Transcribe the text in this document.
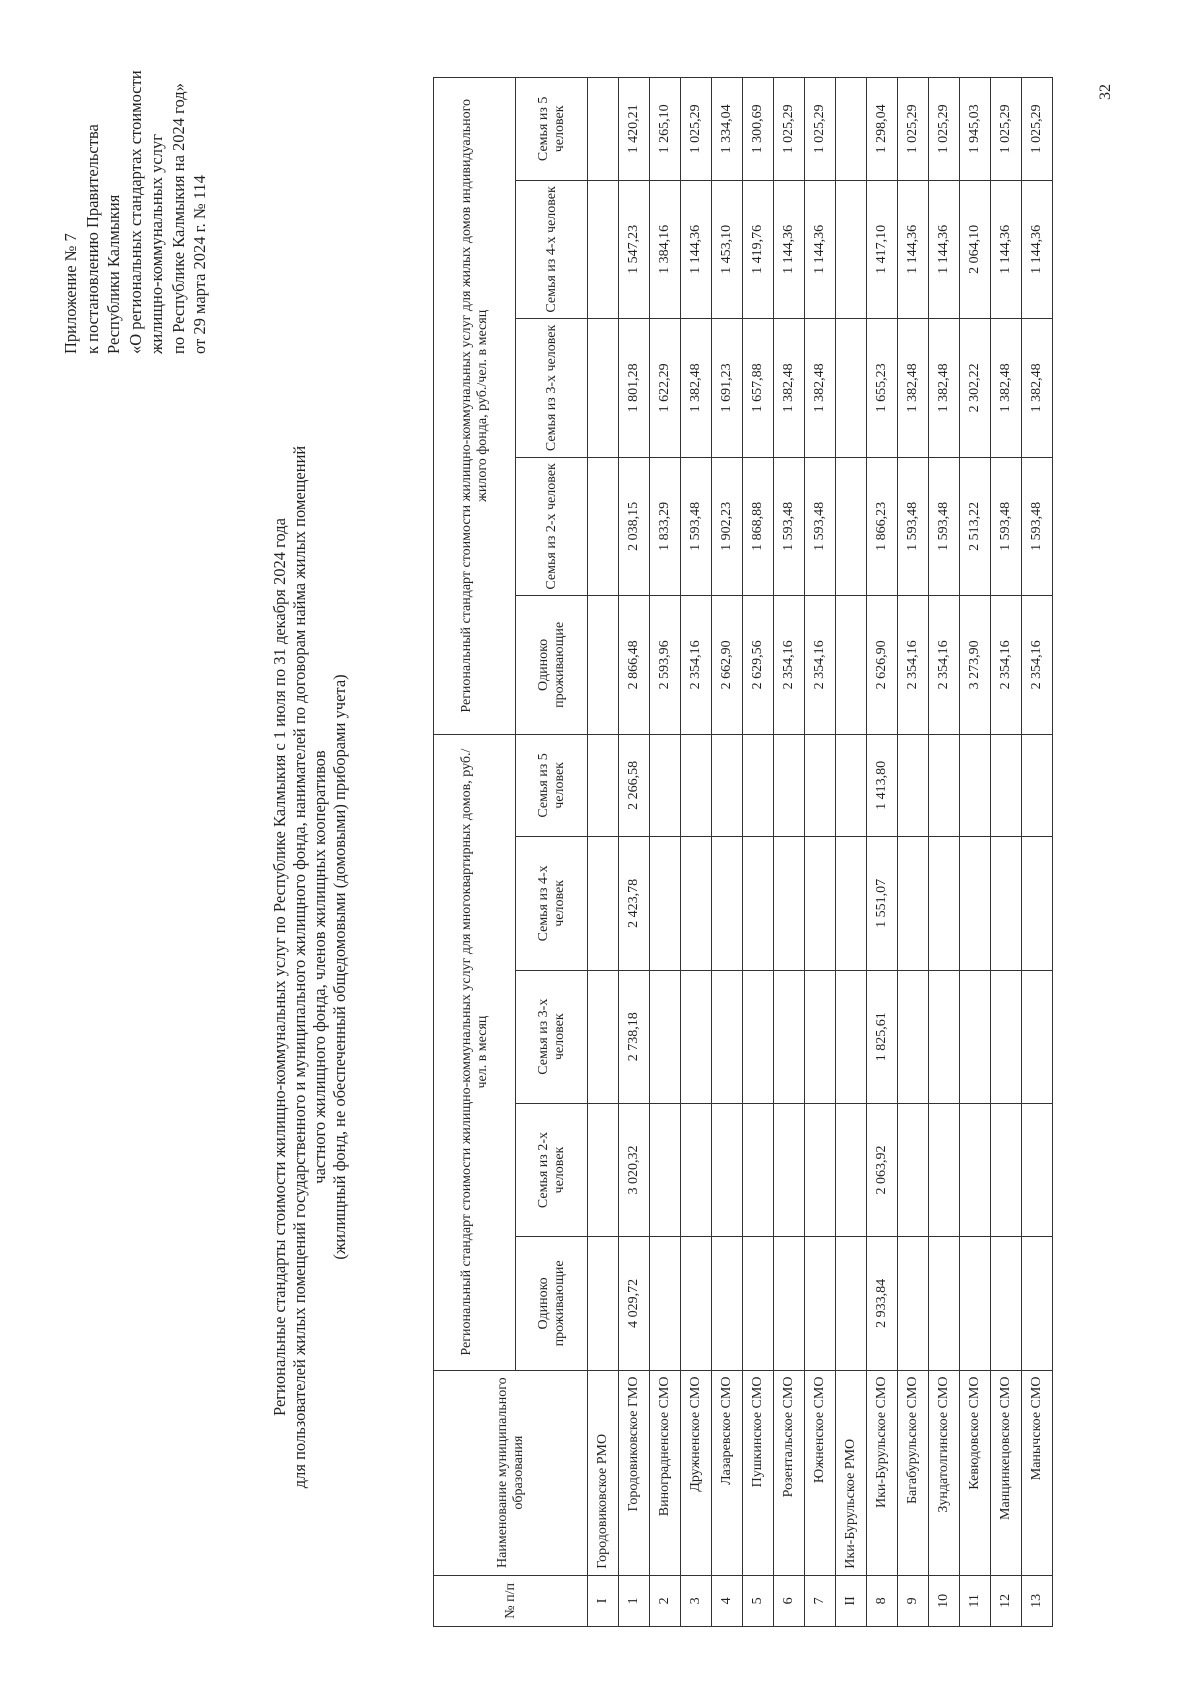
Приложение № 7 к постановлению Правительства Республики Калмыкия «О региональных стандартах стоимости жилищно-коммунальных услуг по Республике Калмыкия на 2024 год» от 29 марта 2024 г. № 114
Региональные стандарты стоимости жилищно-коммунальных услуг по Республике Калмыкия с 1 июля по 31 декабря 2024 года для пользователей жилых помещений государственного и муниципального жилищного фонда, нанимателей по договорам найма жилых помещений частного жилищного фонда, членов жилищных кооперативов (жилищный фонд, не обеспеченный общедомовыми (домовыми) приборами учета)
№ п/п	Наименование муниципального образования	Региональный стандарт стоимости жилищно-коммунальных услуг для многоквартирных домов, руб./чел. в месяц					Региональный стандарт стоимости жилищно-коммунальных услуг для жилых домов индивидуального жилого фонда, руб./чел. в месяц				
		Одиноко проживающие	Семья из 2-х человек	Семья из 3-х человек	Семья из 4-х человек	Семья из 5 человек	Одиноко проживающие	Семья из 2-х человек	Семья из 3-х человек	Семья из 4-х человек	Семья из 5 человек
I	Городовиковское РМО										
1	Городовиковское ГМО	4 029,72	3 020,32	2 738,18	2 423,78	2 266,58	2 866,48	2 038,15	1 801,28	1 547,23	1 420,21
2	Виноградненское СМО						2 593,96	1 833,29	1 622,29	1 384,16	1 265,10
3	Дружненское СМО						2 354,16	1 593,48	1 382,48	1 144,36	1 025,29
4	Лазаревское СМО						2 662,90	1 902,23	1 691,23	1 453,10	1 334,04
5	Пушкинское СМО						2 629,56	1 868,88	1 657,88	1 419,76	1 300,69
6	Розентальское СМО						2 354,16	1 593,48	1 382,48	1 144,36	1 025,29
7	Южненское СМО						2 354,16	1 593,48	1 382,48	1 144,36	1 025,29
II	Ики-Бурульское РМО										
8	Ики-Бурульское СМО	2 933,84	2 063,92	1 825,61	1 551,07	1 413,80	2 626,90	1 866,23	1 655,23	1 417,10	1 298,04
9	Багабурульское СМО						2 354,16	1 593,48	1 382,48	1 144,36	1 025,29
10	Зундатолгинское СМО						2 354,16	1 593,48	1 382,48	1 144,36	1 025,29
11	Кевюдовское СМО						3 273,90	2 513,22	2 302,22	2 064,10	1 945,03
12	Манцинкецовское СМО						2 354,16	1 593,48	1 382,48	1 144,36	1 025,29
13	Манычское СМО						2 354,16	1 593,48	1 382,48	1 144,36	1 025,29
32
